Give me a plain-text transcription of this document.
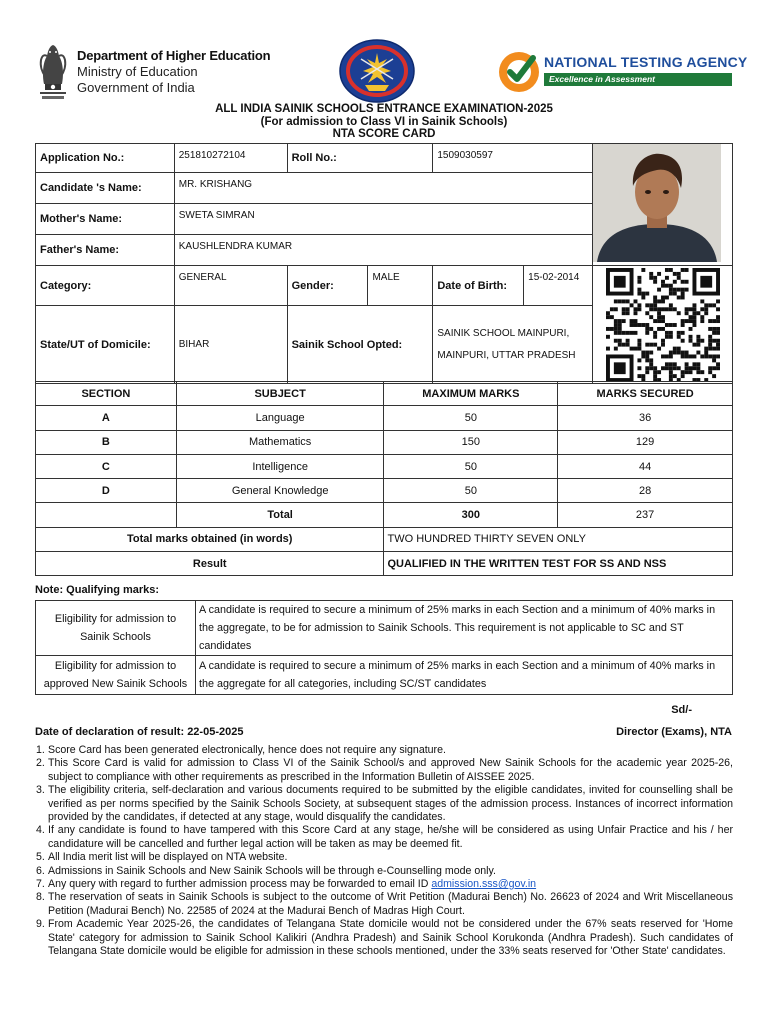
Department of Higher Education
Ministry of Education
Government of India
NATIONAL TESTING AGENCY
Excellence in Assessment
ALL INDIA SAINIK SCHOOLS ENTRANCE EXAMINATION-2025
(For admission to Class VI in Sainik Schools)
NTA SCORE CARD
Application No.:	251810272104	Roll No.:		1509030597	
Candidate 's Name:	MR. KRISHANG					
Mother's Name:	SWETA SIMRAN					
Father's Name:	KAUSHLENDRA KUMAR					
Category:	GENERAL	Gender:	MALE	Date of Birth:	15-02-2014	

State/UT of Domicile:	BIHAR	Sainik School Opted:		SAINIK SCHOOL MAINPURI,
MAINPURI, UTTAR PRADESH		
SECTION	SUBJECT	MAXIMUM MARKS	MARKS SECURED
A	Language	50	36
B	Mathematics	150	129
C	Intelligence	50	44
D	General Knowledge	50	28
	Total	300	237
Total marks obtained (in words)		TWO HUNDRED THIRTY SEVEN ONLY	
Result		QUALIFIED IN THE WRITTEN TEST FOR SS AND NSS	
Note: Qualifying marks:
Eligibility for admission to
Sainik Schools	A candidate is required to secure a minimum of 25% marks in each Section and a minimum of 40% marks in the aggregate, to be for admission to Sainik Schools. This requirement is not applicable to SC and ST candidates

Eligibility for admission to
approved New Sainik Schools	A candidate is required to secure a minimum of 25% marks in each Section and a minimum of 40% marks in the aggregate for all categories, including SC/ST candidates
Sd/-
Date of declaration of result: 22-05-2025	Director (Exams), NTA
1. Score Card has been generated electronically, hence does not require any signature.
2. This Score Card is valid for admission to Class VI of the Sainik School/s and approved New Sainik Schools for the academic year 2025-26, subject to compliance with other requirements as prescribed in the Information Bulletin of AISSEE 2025.
3. The eligibility criteria, self-declaration and various documents required to be submitted by the eligible candidates, invited for counselling shall be verified as per norms specified by the Sainik Schools Society, at subsequent stages of the admission process. Instances of incorrect information provided by the candidates, if detected at any stage, would disqualify the candidates.
4. If any candidate is found to have tampered with this Score Card at any stage, he/she will be considered as using Unfair Practice and his / her candidature will be cancelled and further legal action will be taken as may be deemed fit.
5. All India merit list will be displayed on NTA website.
6. Admissions in Sainik Schools and New Sainik Schools will be through e-Counselling mode only.
7. Any query with regard to further admission process may be forwarded to email ID admission.sss@gov.in
8. The reservation of seats in Sainik Schools is subject to the outcome of Writ Petition (Madurai Bench) No. 26623 of 2024 and Writ Miscellaneous Petition (Madurai Bench) No. 22585 of 2024 at the Madurai Bench of Madras High Court.
9. From Academic Year 2025-26, the candidates of Telangana State domicile would not be considered under the 67% seats reserved for 'Home State' category for admission to Sainik School Kalikiri (Andhra Pradesh) and Sainik School Korukonda (Andhra Pradesh). Such candidates of Telangana State domicile would be eligible for admission in these schools mentioned, under the 33% seats reserved for 'Other State' candidates.
